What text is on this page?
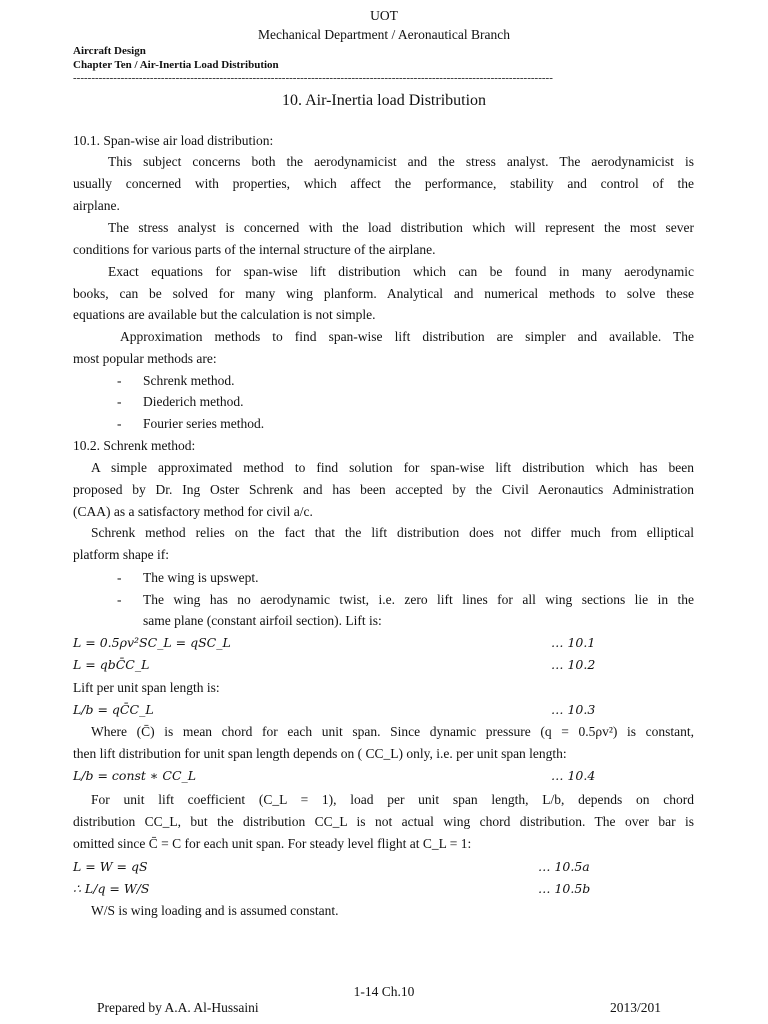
UOT
Mechanical Department / Aeronautical Branch
Aircraft Design
Chapter Ten / Air-Inertia Load Distribution
-----------------------------------------------------------------------------------------------------------------------------------
10. Air-Inertia load Distribution
10.1. Span-wise air load distribution:
This subject concerns both the aerodynamicist and the stress analyst. The aerodynamicist is
usually concerned with properties, which affect the performance, stability and control of the
airplane.
The stress analyst is concerned with the load distribution which will represent the most sever
conditions for various parts of the internal structure of the airplane.
Exact equations for span-wise lift distribution which can be found in many aerodynamic
books, can be solved for many wing planform. Analytical and numerical methods to solve these
equations are available but the calculation is not simple.
Approximation methods to find span-wise lift distribution are simpler and available. The
most popular methods are:
- Schrenk method.
- Diederich method.
- Fourier series method.
10.2. Schrenk method:
A simple approximated method to find solution for span-wise lift distribution which has been
proposed by Dr. Ing Oster Schrenk and has been accepted by the Civil Aeronautics Administration
(CAA) as a satisfactory method for civil a/c.
Schrenk method relies on the fact that the lift distribution does not differ much from elliptical
platform shape if:
- The wing is upswept.
- The wing has no aerodynamic twist, i.e. zero lift lines for all wing sections lie in the
same plane (constant airfoil section). Lift is:
L = 0.5ρv²SC_L = qSC_L	… 10.1
L = qbC̄C_L	… 10.2
Lift per unit span length is:
L/b = qC̄C_L	… 10.3
Where (C̄) is mean chord for each unit span. Since dynamic pressure (q = 0.5ρv²) is constant,
then lift distribution for unit span length depends on ( CC_L) only, i.e. per unit span length:
L/b = const ∗ CC_L	… 10.4
For unit lift coefficient (C_L = 1), load per unit span length, L/b, depends on chord
distribution CC_L, but the distribution CC_L is not actual wing chord distribution. The over bar is
omitted since C̄ = C for each unit span. For steady level flight at C_L = 1:
L = W = qS	… 10.5a
∴ L/q = W/S	… 10.5b
W/S is wing loading and is assumed constant.
1-14 Ch.10
Prepared by A.A. Al-Hussaini	2013/201
